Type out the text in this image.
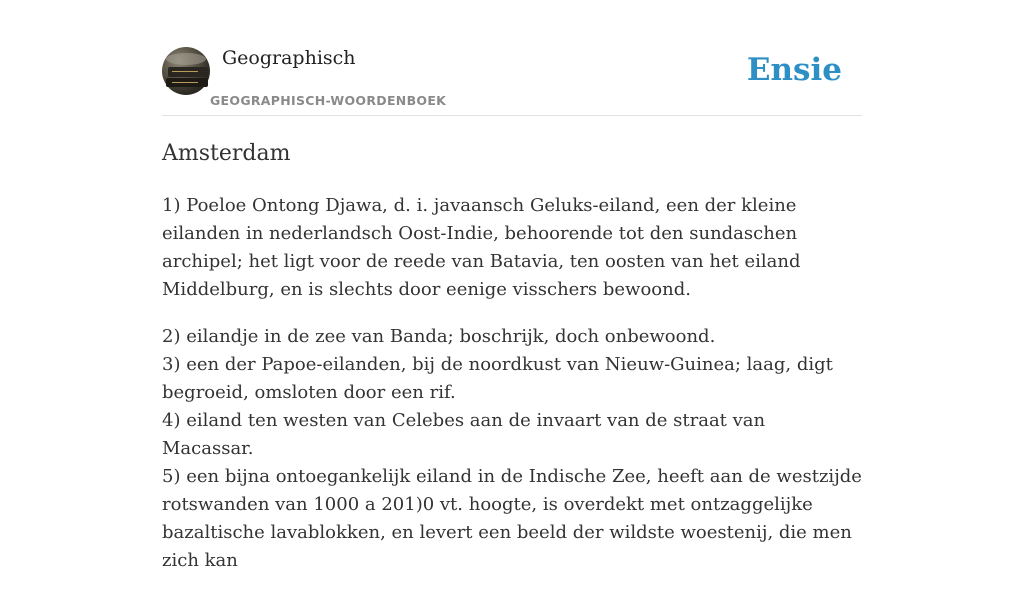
Geographisch
GEOGRAPHISCH-WOORDENBOEK
Ensie
Amsterdam

1) Poeloe Ontong Djawa, d. i. javaansch Geluks-eiland, een der kleine eilanden in nederlandsch Oost-Indie, behoorende tot den sundaschen archipel; het ligt voor de reede van Batavia, ten oosten van het eiland Middelburg, en is slechts door eenige visschers bewoond.

2) eilandje in de zee van Banda; boschrijk, doch onbewoond.
3) een der Papoe-eilanden, bij de noordkust van Nieuw-Guinea; laag, digt begroeid, omsloten door een rif.
4) eiland ten westen van Celebes aan de invaart van de straat van Macassar.
5) een bijna ontoegankelijk eiland in de Indische Zee, heeft aan de westzijde rotswanden van 1000 a 201)0 vt. hoogte, is overdekt met ontzaggelijke bazaltische lavablokken, en levert een beeld der wildste woestenij, die men zich kan
